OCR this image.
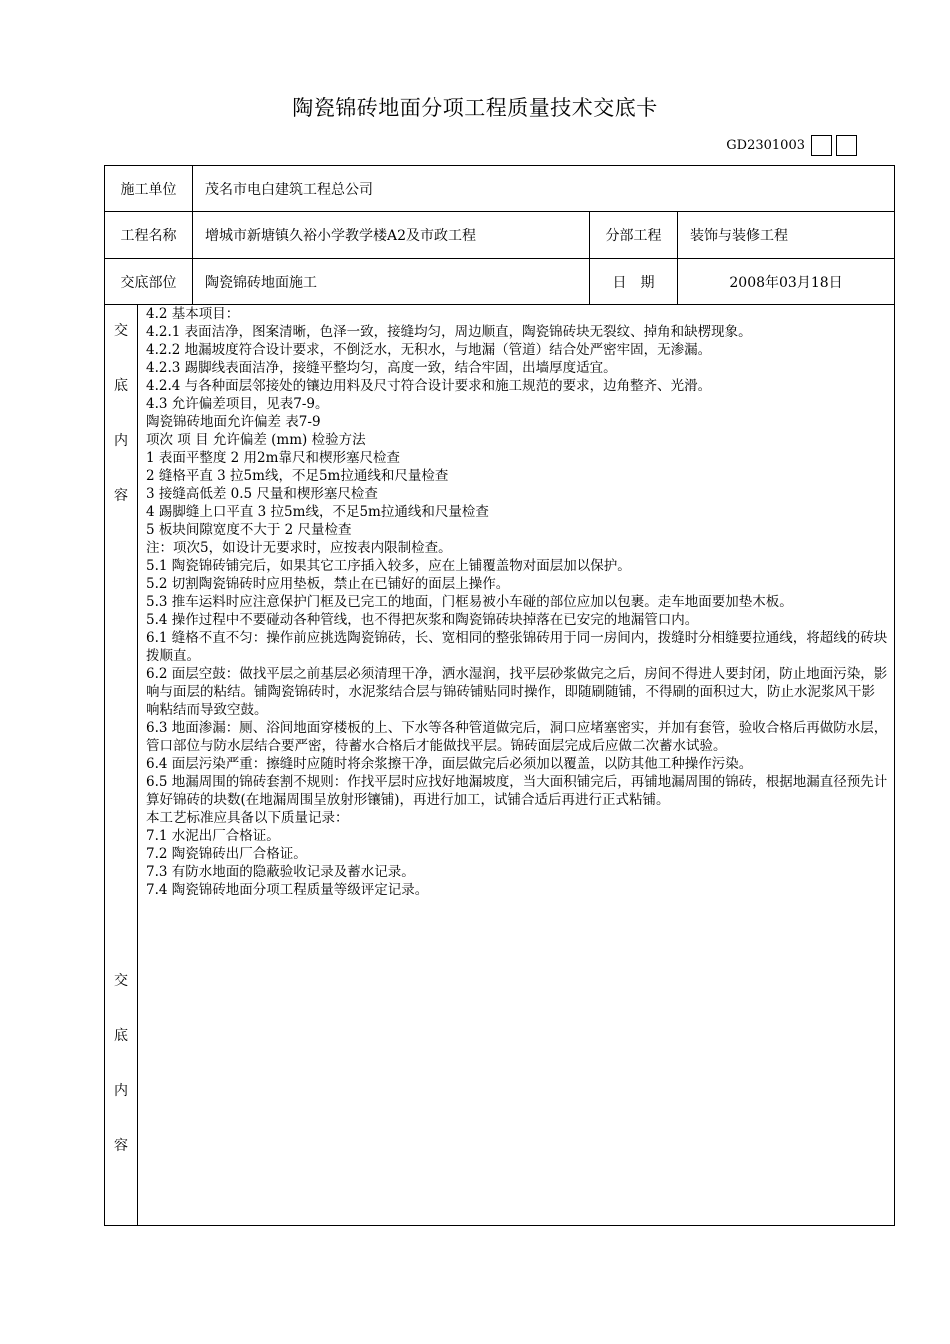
陶瓷锦砖地面分项工程质量技术交底卡
GD2301003
施工单位	茂名市电白建筑工程总公司
工程名称	增城市新塘镇久裕小学教学楼A2及市政工程	分部工程	装饰与装修工程
交底部位	陶瓷锦砖地面施工	日　期	2008年03月18日

交
底
内
容
交
底
内
容

4.2 基本项目：

4.2.1 表面洁净，图案清晰，色泽一致，接缝均匀，周边顺直，陶瓷锦砖块无裂纹、掉角和缺楞现象。

4.2.2 地漏坡度符合设计要求，不倒泛水，无积水，与地漏（管道）结合处严密牢固，无渗漏。

4.2.3 踢脚线表面洁净，接缝平整均匀，高度一致，结合牢固，出墙厚度适宜。

4.2.4 与各种面层邻接处的镶边用料及尺寸符合设计要求和施工规范的要求，边角整齐、光滑。

4.3 允许偏差项目，见表7-9。

陶瓷锦砖地面允许偏差 表7-9

项次 项 目 允许偏差 (mm) 检验方法

1 表面平整度 2 用2m靠尺和楔形塞尺检查

2 缝格平直 3 拉5m线，不足5m拉通线和尺量检查

3 接缝高低差 0.5 尺量和楔形塞尺检查

4 踢脚缝上口平直 3 拉5m线，不足5m拉通线和尺量检查

5 板块间隙宽度不大于 2 尺量检查

注：项次5，如设计无要求时，应按表内限制检查。

5.1 陶瓷锦砖铺完后，如果其它工序插入较多，应在上铺覆盖物对面层加以保护。

5.2 切割陶瓷锦砖时应用垫板，禁止在已铺好的面层上操作。

5.3 推车运料时应注意保护门框及已完工的地面，门框易被小车碰的部位应加以包裹。走车地面要加垫木板。

5.4 操作过程中不要碰动各种管线，也不得把灰浆和陶瓷锦砖块掉落在已安完的地漏管口内。

6.1 缝格不直不匀：操作前应挑选陶瓷锦砖，长、宽相同的整张锦砖用于同一房间内，拨缝时分相缝要拉通线，将超线的砖块拨顺直。

6.2 面层空鼓：做找平层之前基层必须清理干净，洒水湿润，找平层砂浆做完之后，房间不得进人要封闭，防止地面污染，影响与面层的粘结。铺陶瓷锦砖时，水泥浆结合层与锦砖铺贴同时操作，即随刷随铺，不得刷的面积过大，防止水泥浆风干影响粘结而导致空鼓。

6.3 地面渗漏：厕、浴间地面穿楼板的上、下水等各种管道做完后，洞口应堵塞密实，并加有套管，验收合格后再做防水层，管口部位与防水层结合要严密，待蓄水合格后才能做找平层。锦砖面层完成后应做二次蓄水试验。

6.4 面层污染严重：擦缝时应随时将余浆擦干净，面层做完后必须加以覆盖，以防其他工种操作污染。

6.5 地漏周围的锦砖套割不规则：作找平层时应找好地漏坡度，当大面积铺完后，再铺地漏周围的锦砖，根据地漏直径预先计算好锦砖的块数(在地漏周围呈放射形镶铺)，再进行加工，试铺合适后再进行正式粘铺。

本工艺标准应具备以下质量记录：

7.1 水泥出厂合格证。

7.2 陶瓷锦砖出厂合格证。

7.3 有防水地面的隐蔽验收记录及蓄水记录。

7.4 陶瓷锦砖地面分项工程质量等级评定记录。
